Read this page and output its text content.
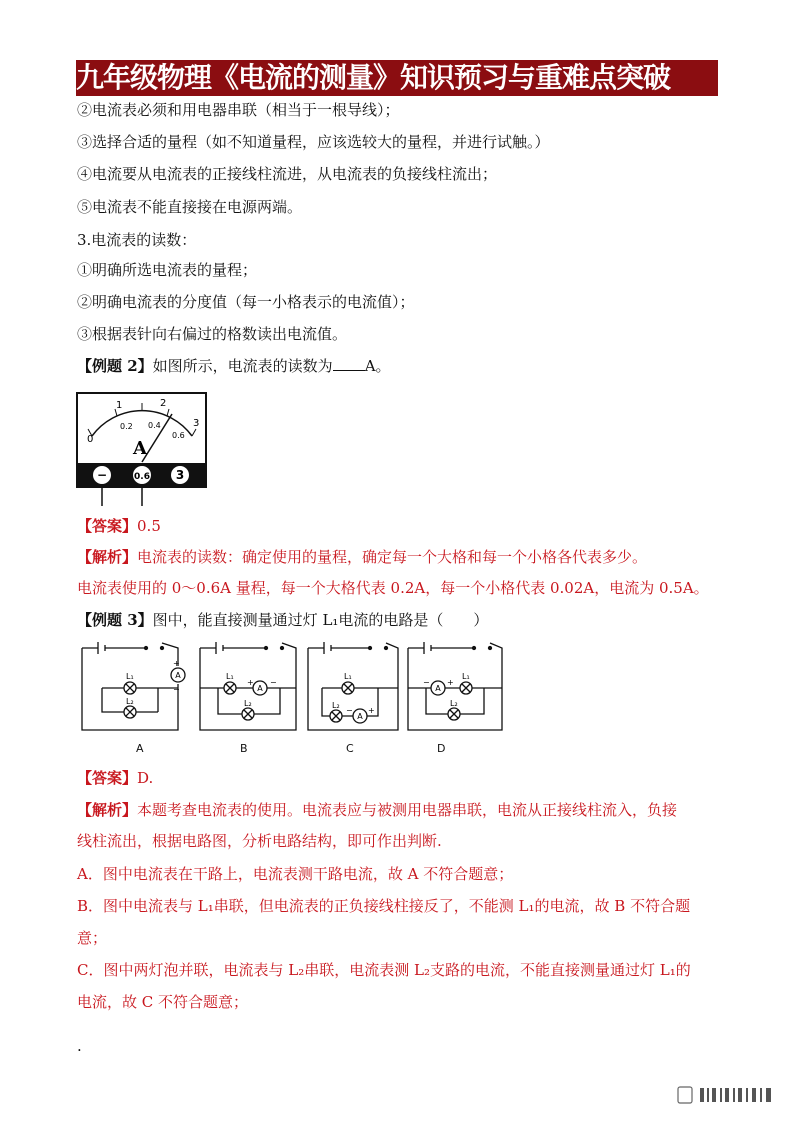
九年级物理《电流的测量》知识预习与重难点突破
②电流表必须和用电器串联（相当于一根导线）；
③选择合适的量程（如不知道量程，应该选较大的量程，并进行试触。）
④电流要从电流表的正接线柱流进，从电流表的负接线柱流出；
⑤电流表不能直接接在电源两端。
3.电流表的读数：
①明确所选电流表的量程；
②明确电流表的分度值（每一小格表示的电流值）；
③根据表针向右偏过的格数读出电流值。
【例题 2】如图所示，电流表的读数为 A。
0
1	2
3
0.2 0.4
0.6
A
−	0.6 3
【答案】0.5
【解析】电流表的读数：确定使用的量程，确定每一个大格和每一个小格各代表多少。
电流表使用的 0～0.6A 量程，每一个大格代表 0.2A，每一个小格代表 0.02A，电流为 0.5A。
【例题 3】图中，能直接测量通过灯 L₁电流的电路是（　　）
L₁
L₂
A
+
−
A
L₁
L₂
A
+ −
B
L₁
L₂
A
+
−
C
L₁
L₂
A
+
−
D
【答案】D.
【解析】本题考查电流表的使用。电流表应与被测用电器串联，电流从正接线柱流入，负接
线柱流出，根据电路图，分析电路结构，即可作出判断.
A．图中电流表在干路上，电流表测干路电流，故 A 不符合题意；
B．图中电流表与 L₁串联，但电流表的正负接线柱接反了，不能测 L₁的电流，故 B 不符合题
意；
C．图中两灯泡并联，电流表与 L₂串联，电流表测 L₂支路的电流，不能直接测量通过灯 L₁的
电流，故 C 不符合题意；
.
